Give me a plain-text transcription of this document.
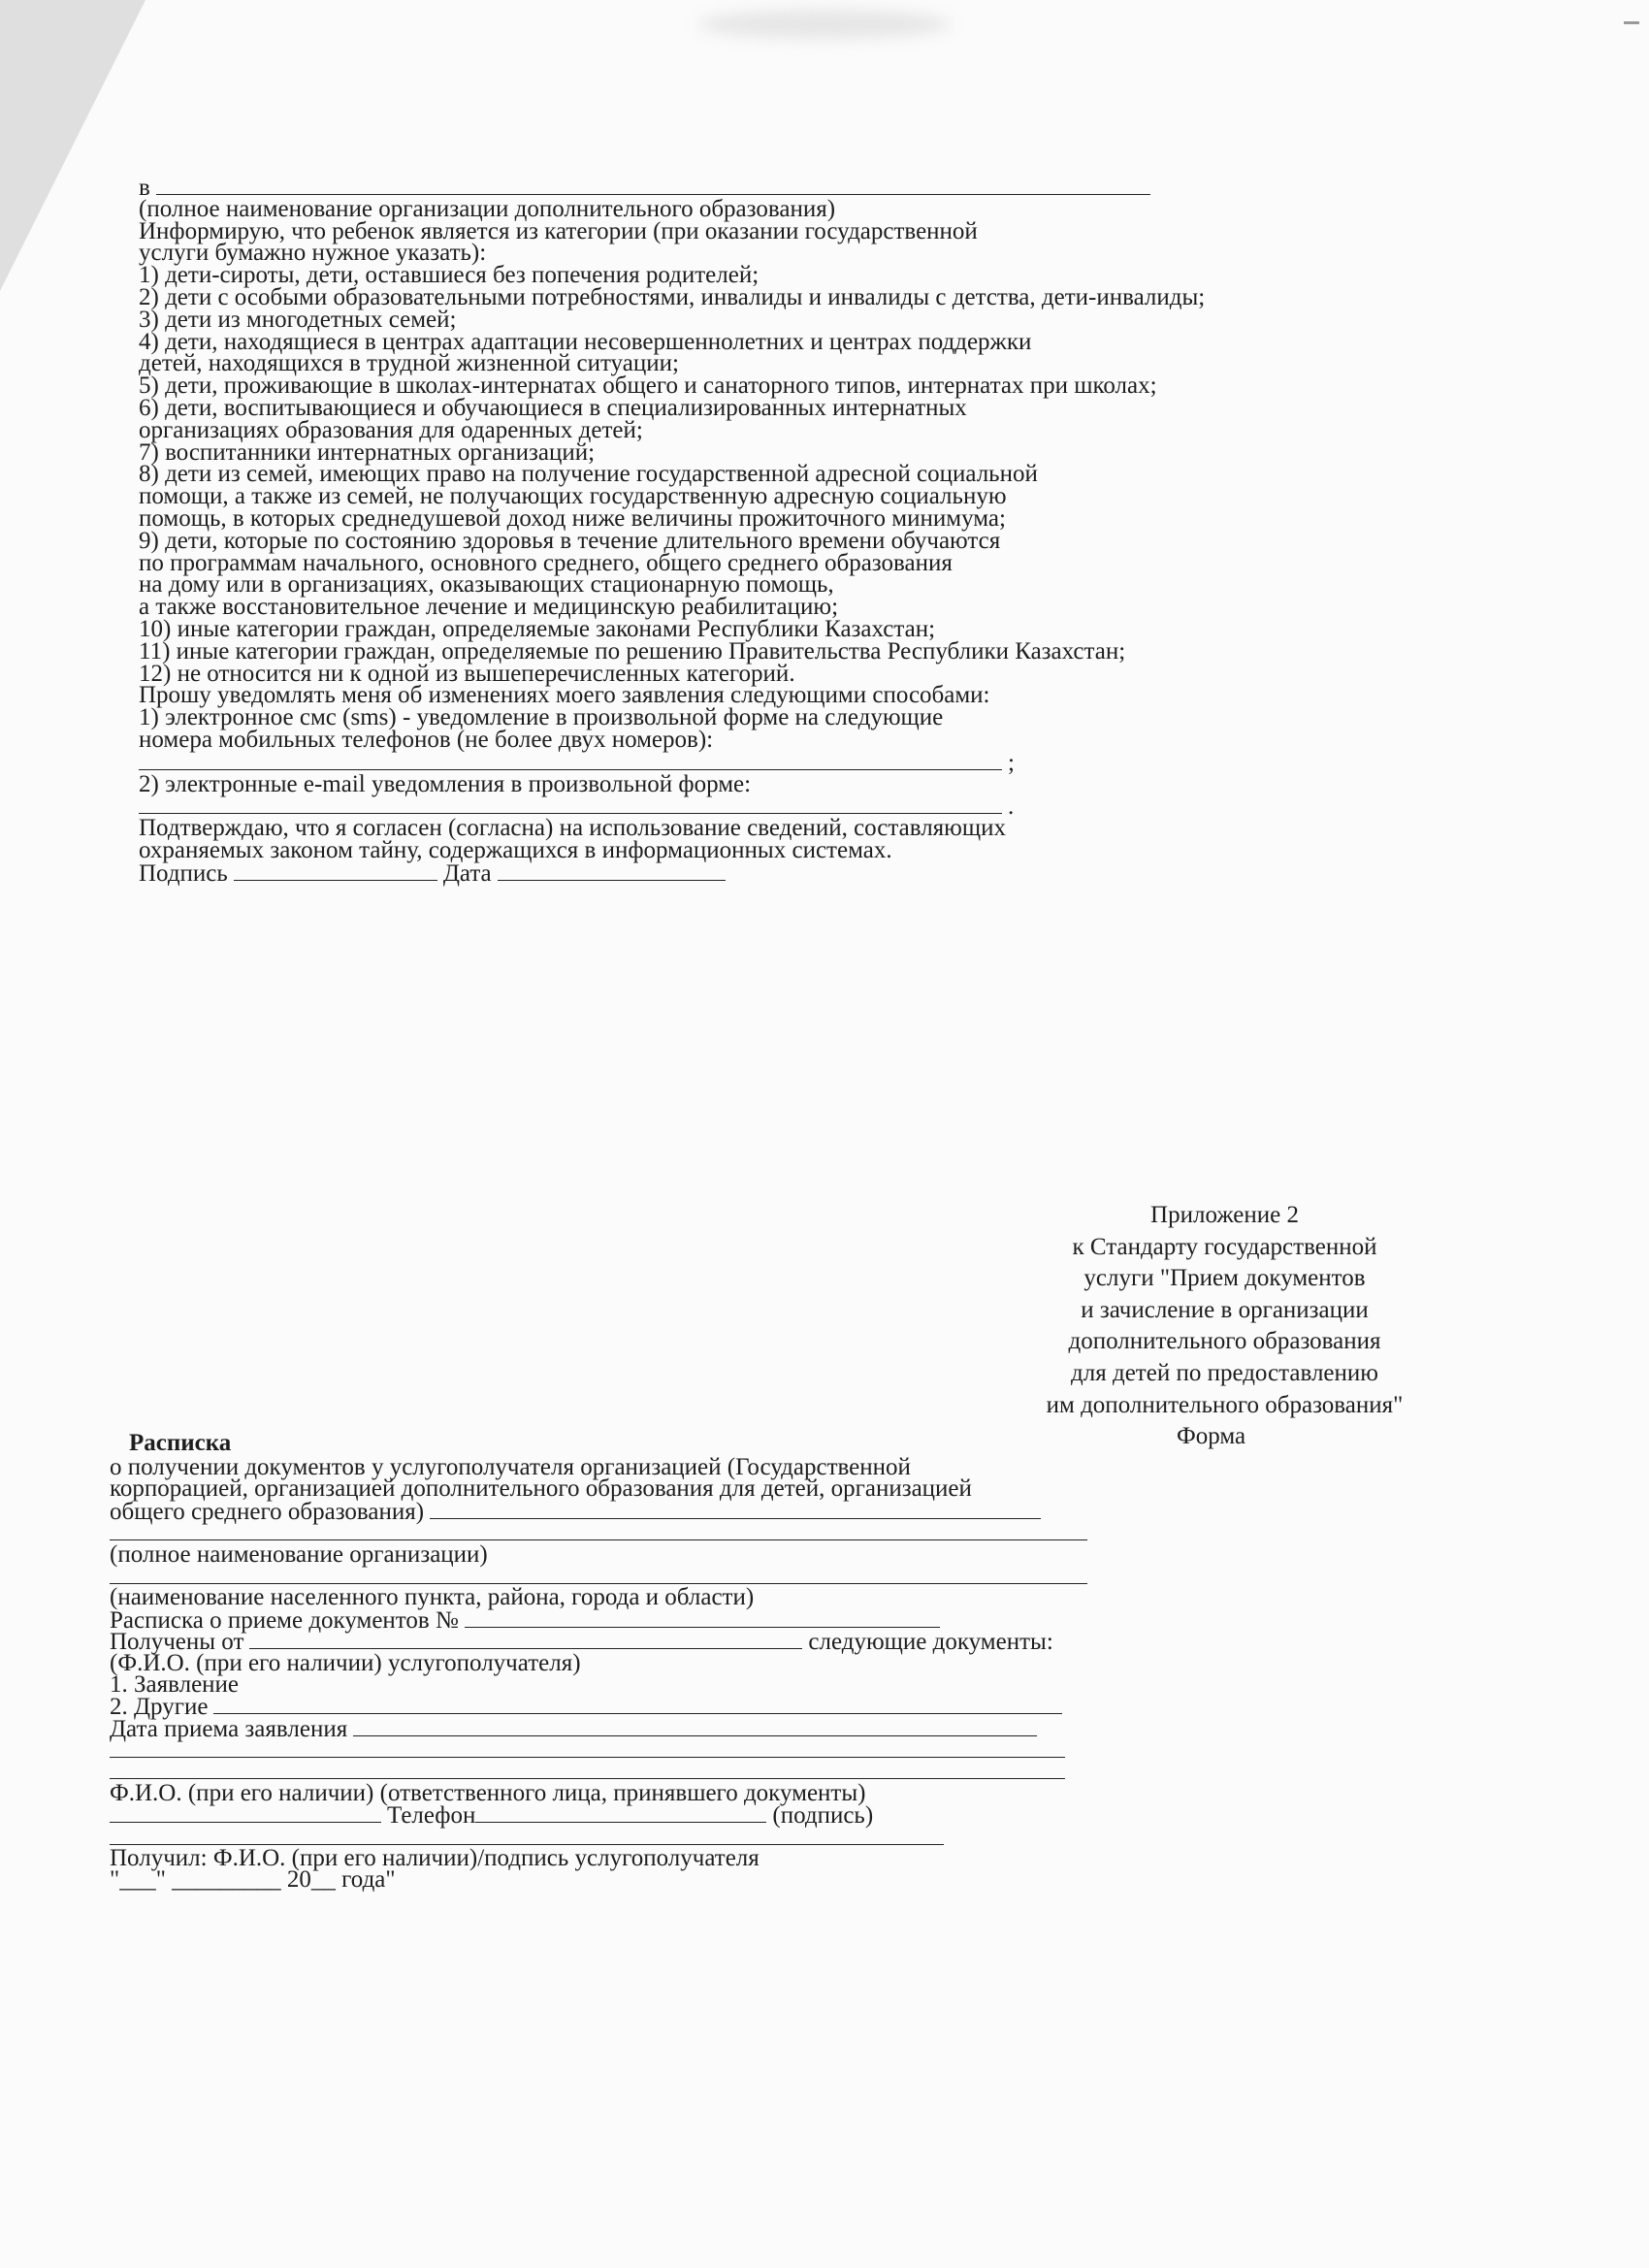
в
(полное наименование организации дополнительного образования)
Информирую, что ребенок является из категории (при оказании государственной
услуги бумажно нужное указать):
1) дети-сироты, дети, оставшиеся без попечения родителей;
2) дети с особыми образовательными потребностями, инвалиды и инвалиды с детства, дети-инвалиды;
3) дети из многодетных семей;
4) дети, находящиеся в центрах адаптации несовершеннолетних и центрах поддержки
детей, находящихся в трудной жизненной ситуации;
5) дети, проживающие в школах-интернатах общего и санаторного типов, интернатах при школах;
6) дети, воспитывающиеся и обучающиеся в специализированных интернатных
организациях образования для одаренных детей;
7) воспитанники интернатных организаций;
8) дети из семей, имеющих право на получение государственной адресной социальной
помощи, а также из семей, не получающих государственную адресную социальную
помощь, в которых среднедушевой доход ниже величины прожиточного минимума;
9) дети, которые по состоянию здоровья в течение длительного времени обучаются
по программам начального, основного среднего, общего среднего образования
на дому или в организациях, оказывающих стационарную помощь,
а также восстановительное лечение и медицинскую реабилитацию;
10) иные категории граждан, определяемые законами Республики Казахстан;
11) иные категории граждан, определяемые по решению Правительства Республики Казахстан;
12) не относится ни к одной из вышеперечисленных категорий.
Прошу уведомлять меня об изменениях моего заявления следующими способами:
1) электронное смс (sms) - уведомление в произвольной форме на следующие
номера мобильных телефонов (не более двух номеров):
;
2) электронные e-mail уведомления в произвольной форме:
.
Подтверждаю, что я согласен (согласна) на использование сведений, составляющих
охраняемых законом тайну, содержащихся в информационных системах.
Подпись	Дата
Приложение 2
к Стандарту государственной
услуги "Прием документов
и зачисление в организации
дополнительного образования
для детей по предоставлению
им дополнительного образования"
Форма
Расписка
о получении документов у услугополучателя организацией (Государственной
корпорацией, организацией дополнительного образования для детей, организацией
общего среднего образования)
(полное наименование организации)
(наименование населенного пункта, района, города и области)
Расписка о приеме документов №
Получены от	следующие документы:
(Ф.И.О. (при его наличии) услугополучателя)
1. Заявление
2. Другие
Дата приема заявления
Ф.И.О. (при его наличии) (ответственного лица, принявшего документы)
Телефон	(подпись)
Получил: Ф.И.О. (при его наличии)/подпись услугополучателя
"___" _________ 20__ года"
